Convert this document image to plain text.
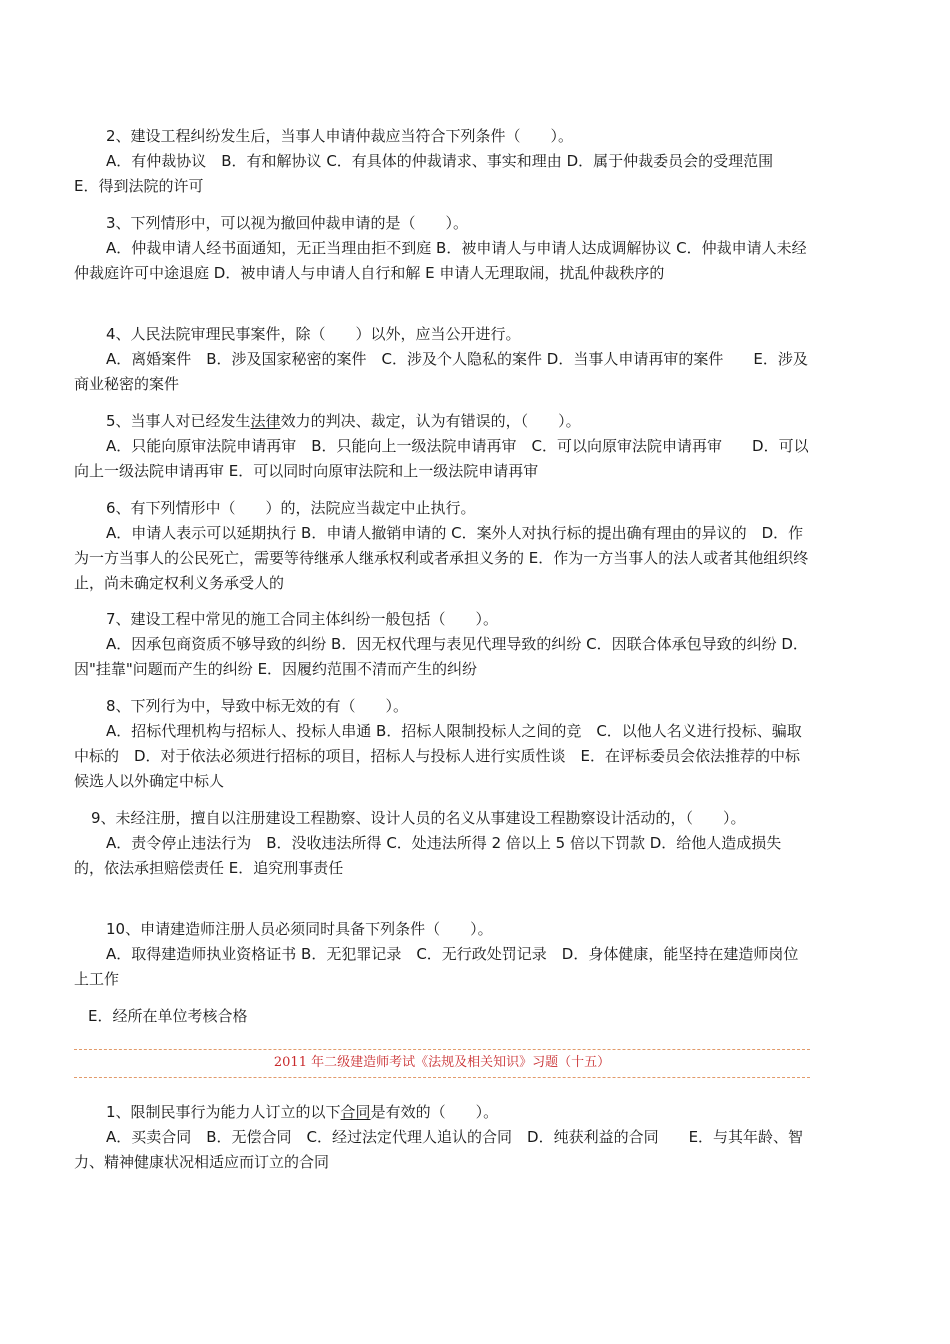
2、建设工程纠纷发生后，当事人申请仲裁应当符合下列条件（　　）。

A．有仲裁协议　B．有和解协议 C．有具体的仲裁请求、事实和理由 D．属于仲裁委员会的受理范围　E．得到法院的许可

3、下列情形中，可以视为撤回仲裁申请的是（　　）。

A．仲裁申请人经书面通知，无正当理由拒不到庭 B．被申请人与申请人达成调解协议 C．仲裁申请人未经仲裁庭许可中途退庭 D．被申请人与申请人自行和解 E 申请人无理取闹，扰乱仲裁秩序的

4、人民法院审理民事案件，除（　　）以外，应当公开进行。

A．离婚案件　B．涉及国家秘密的案件　C．涉及个人隐私的案件 D．当事人申请再审的案件　　E．涉及商业秘密的案件

5、当事人对已经发生法律效力的判决、裁定，认为有错误的，（　　）。

A．只能向原审法院申请再审　B．只能向上一级法院申请再审　C．可以向原审法院申请再审　　D．可以向上一级法院申请再审 E．可以同时向原审法院和上一级法院申请再审

6、有下列情形中（　　）的，法院应当裁定中止执行。

A．申请人表示可以延期执行 B．申请人撤销申请的 C．案外人对执行标的提出确有理由的异议的　D．作为一方当事人的公民死亡，需要等待继承人继承权利或者承担义务的 E．作为一方当事人的法人或者其他组织终止，尚未确定权利义务承受人的

7、建设工程中常见的施工合同主体纠纷一般包括（　　）。

A．因承包商资质不够导致的纠纷 B．因无权代理与表见代理导致的纠纷 C．因联合体承包导致的纠纷 D．因"挂靠"问题而产生的纠纷 E．因履约范围不清而产生的纠纷

8、下列行为中，导致中标无效的有（　　）。

A．招标代理机构与招标人、投标人串通 B．招标人限制投标人之间的竞　C．以他人名义进行投标、骗取中标的　D．对于依法必须进行招标的项目，招标人与投标人进行实质性谈　E．在评标委员会依法推荐的中标候选人以外确定中标人

9、未经注册，擅自以注册建设工程勘察、设计人员的名义从事建设工程勘察设计活动的，（　　）。

A．责令停止违法行为　B．没收违法所得 C．处违法所得 2 倍以上 5 倍以下罚款 D．给他人造成损失的，依法承担赔偿责任 E．追究刑事责任

10、申请建造师注册人员必须同时具备下列条件（　　）。

A．取得建造师执业资格证书 B．无犯罪记录　C．无行政处罚记录　D．身体健康，能坚持在建造师岗位上工作

E．经所在单位考核合格

2011 年二级建造师考试《法规及相关知识》习题（十五）

1、限制民事行为能力人订立的以下合同是有效的（　　）。

A．买卖合同　B．无偿合同　C．经过法定代理人追认的合同　D．纯获利益的合同　　E．与其年龄、智力、精神健康状况相适应而订立的合同
